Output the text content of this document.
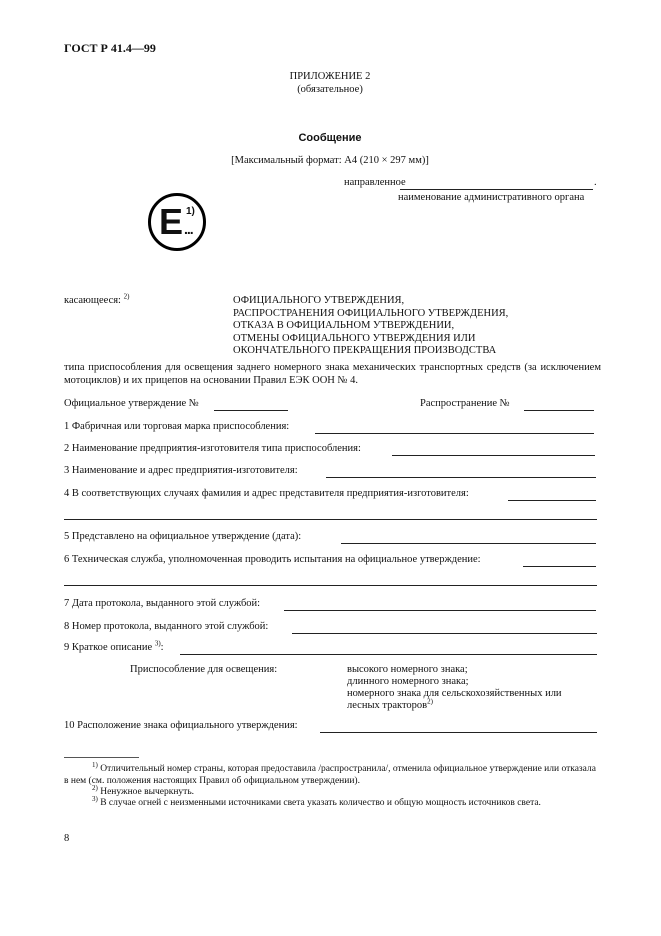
ГОСТ Р 41.4—99
ПРИЛОЖЕНИЕ 2
(обязательное)
Сообщение
[Максимальный формат: А4 (210 × 297 мм)]
направленное	.
наименование административного органа
E 1)
...
касающееся: $^{2)}$	ОФИЦИАЛЬНОГО УТВЕРЖДЕНИЯ,
РАСПРОСТРАНЕНИЯ ОФИЦИАЛЬНОГО УТВЕРЖДЕНИЯ,
ОТКАЗА В ОФИЦИАЛЬНОМ УТВЕРЖДЕНИИ,
ОТМЕНЫ ОФИЦИАЛЬНОГО УТВЕРЖДЕНИЯ ИЛИ
ОКОНЧАТЕЛЬНОГО ПРЕКРАЩЕНИЯ ПРОИЗВОДСТВА
типа приспособления для освещения заднего номерного знака механических транспортных средств (за исключением мотоциклов) и их прицепов на основании Правил ЕЭК ООН № 4.
Официальное утверждение №	Распространение №
1 Фабричная или торговая марка приспособления:
2 Наименование предприятия-изготовителя типа приспособления:
3 Наименование и адрес предприятия-изготовителя:
4 В соответствующих случаях фамилия и адрес представителя предприятия-изготовителя:
5 Представлено на официальное утверждение (дата):
6 Техническая служба, уполномоченная проводить испытания на официальное утверждение:
7 Дата протокола, выданного этой службой:
8 Номер протокола, выданного этой службой:
9 Краткое описание $^{3)}$:
Приспособление для освещения:	высокого номерного знака;
длинного номерного знака;
номерного знака для сельскохозяйственных или
лесных тракторов$^{2)}$
10 Расположение знака официального утверждения:
$^{1)}$ Отличительный номер страны, которая предоставила /распространила/, отменила официальное утверждение или отказала в нем (см. положения настоящих Правил об официальном утверждении).
$^{2)}$ Ненужное вычеркнуть.
$^{3)}$ В случае огней с неизменными источниками света указать количество и общую мощность источников света.
8
